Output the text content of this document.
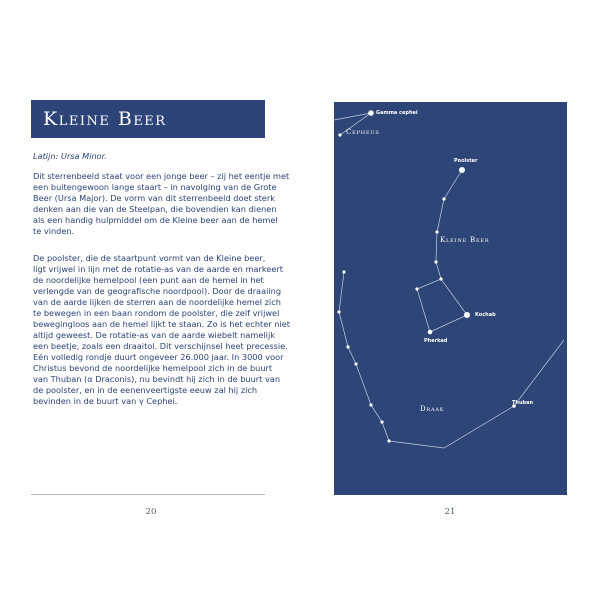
Kleine Beer
Latijn: Ursa Minor.
Dit sterrenbeeld staat voor een jonge beer – zij het eentje met
een buitengewoon lange staart – in navolging van de Grote
Beer (Ursa Major). De vorm van dit sterrenbeeld doet sterk
denken aan die van de Steelpan, die bovendien kan dienen
als een handig hulpmiddel om de Kleine beer aan de hemel
te vinden.
De poolster, die de staartpunt vormt van de Kleine beer,
ligt vrijwel in lijn met de rotatie-as van de aarde en markeert
de noordelijke hemelpool (een punt aan de hemel in het
verlengde van de geografische noordpool). Door de draaiing
van de aarde lijken de sterren aan de noordelijke hemel zich
te bewegen in een baan rondom de poolster, die zelf vrijwel
bewegingloos aan de hemel lijkt te staan. Zo is het echter niet
altijd geweest. De rotatie-as van de aarde wiebelt namelijk
een beetje, zoals een draaitol. Dit verschijnsel heet precessie.
Eén volledig rondje duurt ongeveer 26.000 jaar. In 3000 voor
Christus bevond de noordelijke hemelpool zich in de buurt
van Thuban (α Draconis), nu bevindt hij zich in de buurt van
de poolster, en in de eenenveertigste eeuw zal hij zich
bevinden in de buurt van γ Cephei.
20
Gamma cephei
Cepheus
Poolster
Kleine Beer
Kochab
Pherkad
Draak
Thuban
21
